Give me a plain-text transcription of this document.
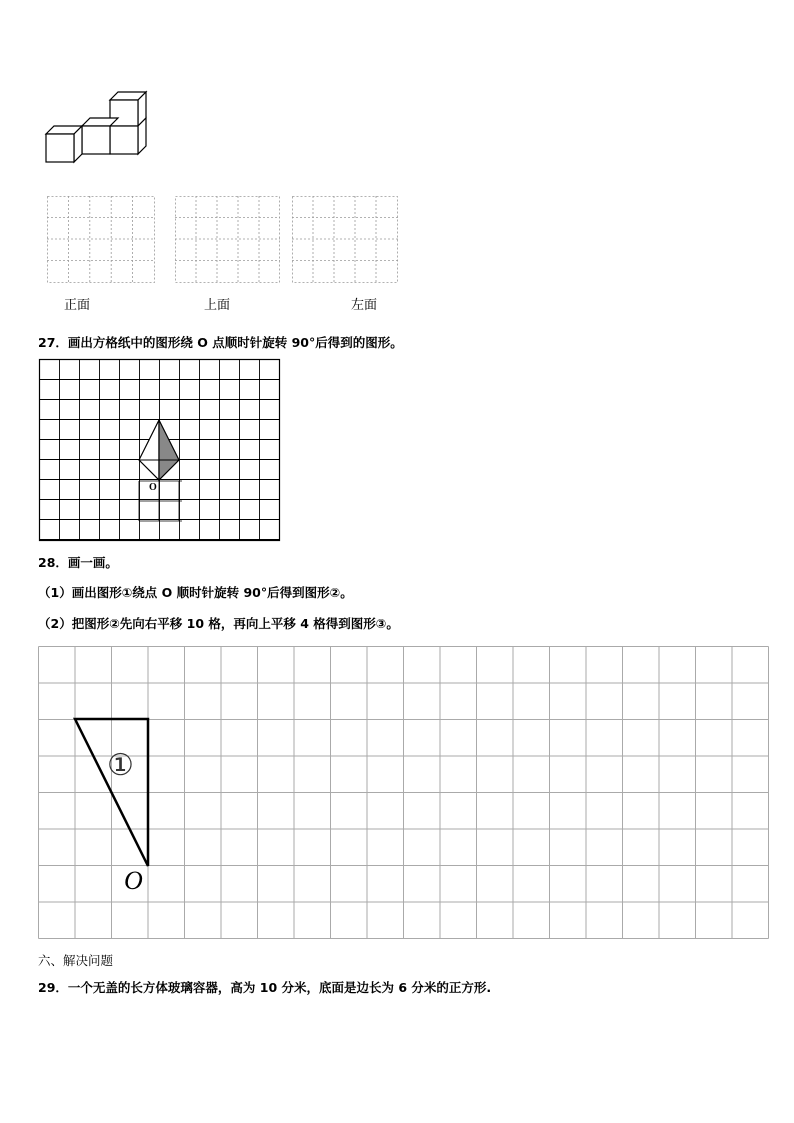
正面	上面	左面
27．画出方格纸中的图形绕 O 点顺时针旋转 90°后得到的图形。
O
28．画一画。
（1）画出图形①绕点 O 顺时针旋转 90°后得到图形②。
（2）把图形②先向右平移 10 格，再向上平移 4 格得到图形③。
①
O
六、解决问题
29．一个无盖的长方体玻璃容器，高为 10 分米，底面是边长为 6 分米的正方形.
